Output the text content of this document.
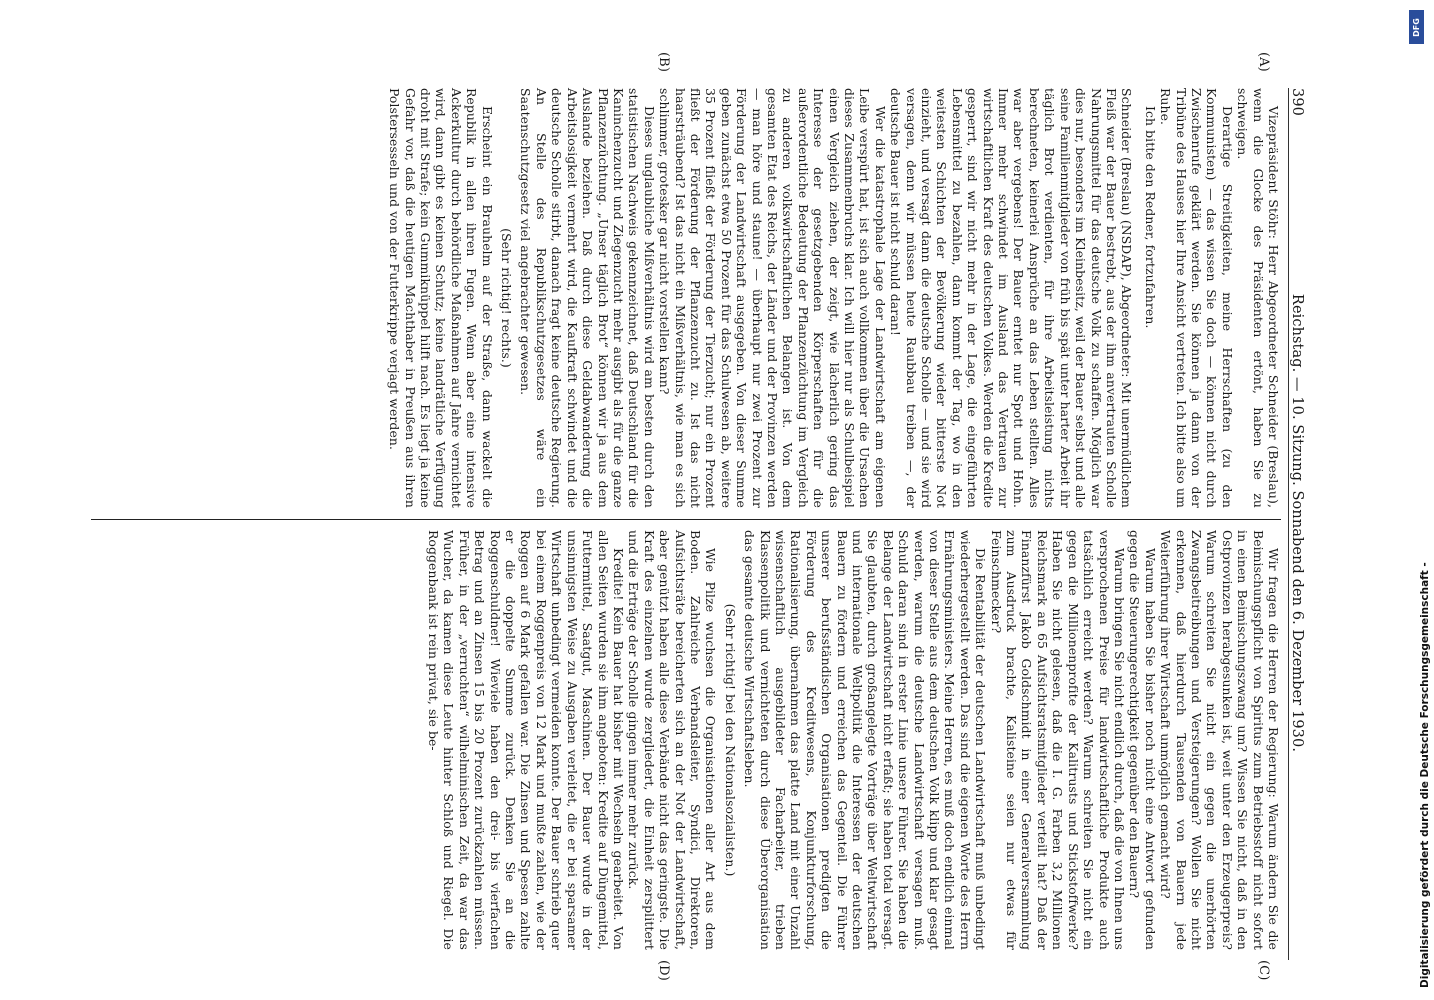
390
Reichstag. — 10. Sitzung. Sonnabend den 6. Dezember 1930.
(A)
(B)
(C)
(D)

Vizepräsident Stöhr: Herr Abgeordneter Schneider (Breslau), wenn die Glocke des Präsidenten ertönt, haben Sie zu schweigen.

Derartige Streitigkeiten, meine Herrschaften (zu den Kommunisten) — das wissen Sie doch — können nicht durch Zwischenrufe geklärt werden. Sie können ja dann von der Tribüne des Hauses hier Ihre Ansicht vertreten. Ich bitte also um Ruhe.

Ich bitte den Redner, fortzufahren.

Schneider (Breslau) (NSDAP), Abgeordneter: Mit unermüdlichem Fleiß war der Bauer bestrebt, aus der ihm anvertrauten Scholle Nahrungsmittel für das deutsche Volk zu schaffen. Möglich war dies nur, besonders im Kleinbesitz, weil der Bauer selbst und alle seine Familienmitglieder von früh bis spät unter harter Arbeit ihr täglich Brot verdienten, für ihre Arbeitsleistung nichts berechneten, keinerlei Ansprüche an das Leben stellten. Alles war aber vergebens! Der Bauer erntet nur Spott und Hohn. Immer mehr schwindet im Ausland das Vertrauen zur wirtschaftlichen Kraft des deutschen Volkes. Werden die Kredite gesperrt, sind wir nicht mehr in der Lage, die eingeführten Lebensmittel zu bezahlen, dann kommt der Tag, wo in den weitesten Schichten der Bevölkerung wieder bitterste Not einzieht, und versagt dann die deutsche Scholle — und sie wird versagen, denn wir müssen heute Raubbau treiben —, der deutsche Bauer ist nicht schuld daran!

Wer die katastrophale Lage der Landwirtschaft am eigenen Leibe verspürt hat, ist sich auch vollkommen über die Ursachen dieses Zusammenbruchs klar. Ich will hier nur als Schulbeispiel einen Vergleich ziehen, der zeigt, wie lächerlich gering das Interesse der gesetzgebenden Körperschaften für die außerordentliche Bedeutung der Pflanzenzüchtung im Vergleich zu anderen volkswirtschaftlichen Belangen ist. Von dem gesamten Etat des Reichs, der Länder und der Provinzen werden — man höre und staune! — überhaupt nur zwei Prozent zur Förderung der Landwirtschaft ausgegeben. Von dieser Summe geben zunächst etwa 50 Prozent für das Schulwesen ab, weitere 35 Prozent fließt der Förderung der Tierzucht; nur ein Prozent fließt der Förderung der Pflanzenzucht zu. Ist das nicht haarsträubend? Ist das nicht ein Mißverhältnis, wie man es sich schlimmer, grotesker gar nicht vorstellen kann?

Dieses unglaubliche Mißverhältnis wird am besten durch den statistischen Nachweis gekennzeichnet, daß Deutschland für die Kaninchenzucht und Ziegenzucht mehr ausgibt als für die ganze Pflanzenzüchtung. „Unser täglich Brot“ können wir ja aus dem Auslande beziehen. Daß durch diese Geldabwanderung die Arbeitslosigkeit vermehrt wird, die Kaufkraft schwindet und die deutsche Scholle stirbt, danach fragt keine deutsche Regierung. An Stelle des Republikschutzgesetzes wäre ein Saatenschutzgesetz viel angebrachter gewesen.

(Sehr richtig! rechts.)

Erscheint ein Brauhelm auf der Straße, dann wackelt die Republik in allen ihren Fugen. Wenn aber eine intensive Ackerkultur durch behördliche Maßnahmen auf Jahre vernichtet wird, dann gibt es keinen Schutz; keine landrätliche Verfügung droht mit Strafe; kein Gummiknüppel hilft nach. Es liegt ja keine Gefahr vor, daß die heutigen Machthaber in Preußen aus ihren Polstersesseln und von der Futterkrippe verjagt werden.

Wir fragen die Herren der Regierung: Warum ändern Sie die Beimischungspflicht von Spiritus zum Betriebsstoff nicht sofort in einen Beimischungszwang um? Wissen Sie nicht, daß in den Ostprovinzen herabgesunken ist, weit unter den Erzeugerpreis? Warum schreiten Sie nicht ein gegen die unerhörten Zwangsbeitreibungen und Versteigerungen? Wollen Sie nicht erkennen, daß hierdurch Tausenden von Bauern jede Weiterführung ihrer Wirtschaft unmöglich gemacht wird?

Warum haben Sie bisher noch nicht eine Antwort gefunden gegen die Steuerungerechtigkeit gegenüber den Bauern?

Warum bringen Sie nicht endlich durch, daß die von Ihnen uns versprochenen Preise für landwirtschaftliche Produkte auch tatsächlich erreicht werden? Warum schreiten Sie nicht ein gegen die Millionenprofite der Kalitrusts und Stickstoffwerke? Haben Sie nicht gelesen, daß die I. G. Farben 3,2 Millionen Reichsmark an 65 Aufsichtsratsmitglieder verteilt hat? Daß der Finanzfürst Jakob Goldschmidt in einer Generalversammlung zum Ausdruck brachte, Kalisteine seien nur etwas für Feinschmecker?

Die Rentabilität der deutschen Landwirtschaft muß unbedingt wiederhergestellt werden. Das sind die eigenen Worte des Herrn Ernährungsministers. Meine Herren, es muß doch endlich einmal von dieser Stelle aus dem deutschen Volk klipp und klar gesagt werden, warum die deutsche Landwirtschaft versagen muß. Schuld daran sind in erster Linie unsere Führer. Sie haben die Belange der Landwirtschaft nicht erfaßt; sie haben total versagt. Sie glaubten, durch großangelegte Vorträge über Weltwirtschaft und internationale Weltpolitik die Interessen der deutschen Bauern zu fördern und erreichen das Gegenteil. Die Führer unserer berufsständischen Organisationen predigten die Förderung des Kreditwesens, Konjunkturforschung, Rationalisierung, übernahmen das platte Land mit einer Unzahl wissenschaftlich ausgebildeter Facharbeiter, trieben Klassenpolitik und vernichteten durch diese Überorganisation das gesamte deutsche Wirtschaftsleben.

(Sehr richtig! bei den Nationalsozialisten.)

Wie Pilze wuchsen die Organisationen aller Art aus dem Boden. Zahlreiche Verbandsleiter, Syndici, Direktoren, Aufsichtsräte bereicherten sich an der Not der Landwirtschaft, aber genützt haben alle diese Verbände nicht das geringste. Die Kraft des einzelnen wurde zergliedert, die Einheit zersplittert und die Erträge der Scholle gingen immer mehr zurück.

Kredite! Kein Bauer hat bisher mit Wechseln gearbeitet. Von allen Seiten wurden sie ihm angeboten: Kredite auf Düngemittel, Futtermittel, Saatgut, Maschinen. Der Bauer wurde in der unsinnigsten Weise zu Ausgaben verleitet, die er bei sparsamer Wirtschaft unbedingt vermeiden konnte. Der Bauer schrieb quer bei einem Roggenpreis von 12 Mark und mußte zahlen, wie der Roggen auf 6 Mark gefallen war. Die Zinsen und Spesen zahlte er die doppelte Summe zurück. Denken Sie an die Roggenschuldner! Wieviele haben den drei- bis vierfachen Betrag und an Zinsen 15 bis 20 Prozent zurückzahlen müssen. Früher, in der „verruchten“ wilhelminischen Zeit, da war das Wucher, da kamen diese Leute hinter Schloß und Riegel. Die Roggenbank ist rein privat, sie be-

DFG
Digitalisierung gefördert durch die Deutsche Forschungsgemeinschaft -
